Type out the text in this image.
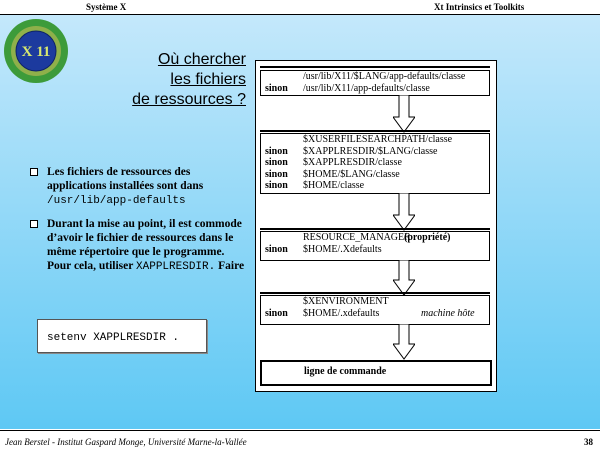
Système X	Xt Intrinsics et Toolkits
X 11	Où chercher
les fichiers
de ressources ?
Les fichiers de ressources des applications installées sont dans /usr/lib/app-defaults
Durant la mise au point, il est commode d’avoir le fichier de ressources dans le même répertoire que le programme. Pour cela, utiliser XAPPLRESDIR. Faire
setenv XAPPLRESDIR .
/usr/lib/X11/$LANG/app-defaults/classe
sinon /usr/lib/X11/app-defaults/classe
$XUSERFILESEARCHPATH/classe
sinon $XAPPLRESDIR/$LANG/classe
sinon $XAPPLRESDIR/classe
sinon $HOME/$LANG/classe
sinon $HOME/classe
RESOURCE_MANAGER
(propriété)
sinon $HOME/.Xdefaults
$XENVIRONMENT
sinon $HOME/.xdefaults	machine hôte
ligne de commande
Jean Berstel - Institut Gaspard Monge, Université Marne-la-Vallée	38
